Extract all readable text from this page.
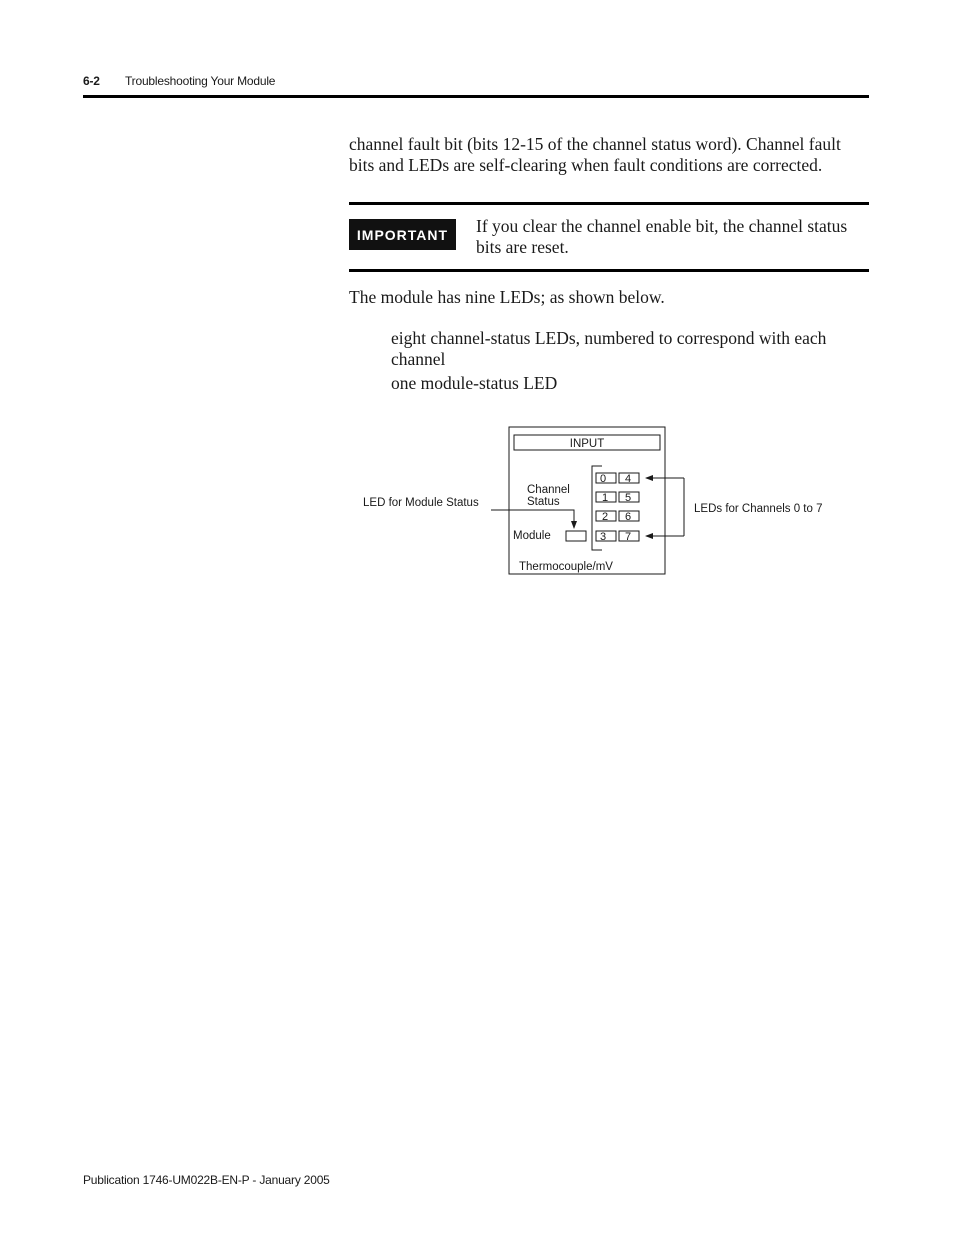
6-2 Troubleshooting Your Module
channel fault bit (bits 12-15 of the channel status word). Channel fault bits and LEDs are self-clearing when fault conditions are corrected.
IMPORTANT	If you clear the channel enable bit, the channel status bits are reset.
The module has nine LEDs; as shown below.
eight channel-status LEDs, numbered to correspond with each channel
one module-status LED
INPUT
Channel
Status
Module
0
1
2
3
4
5
6
7
Thermocouple/mV
LED for Module Status	LEDs for Channels 0 to 7
Publication 1746-UM022B-EN-P - January 2005
